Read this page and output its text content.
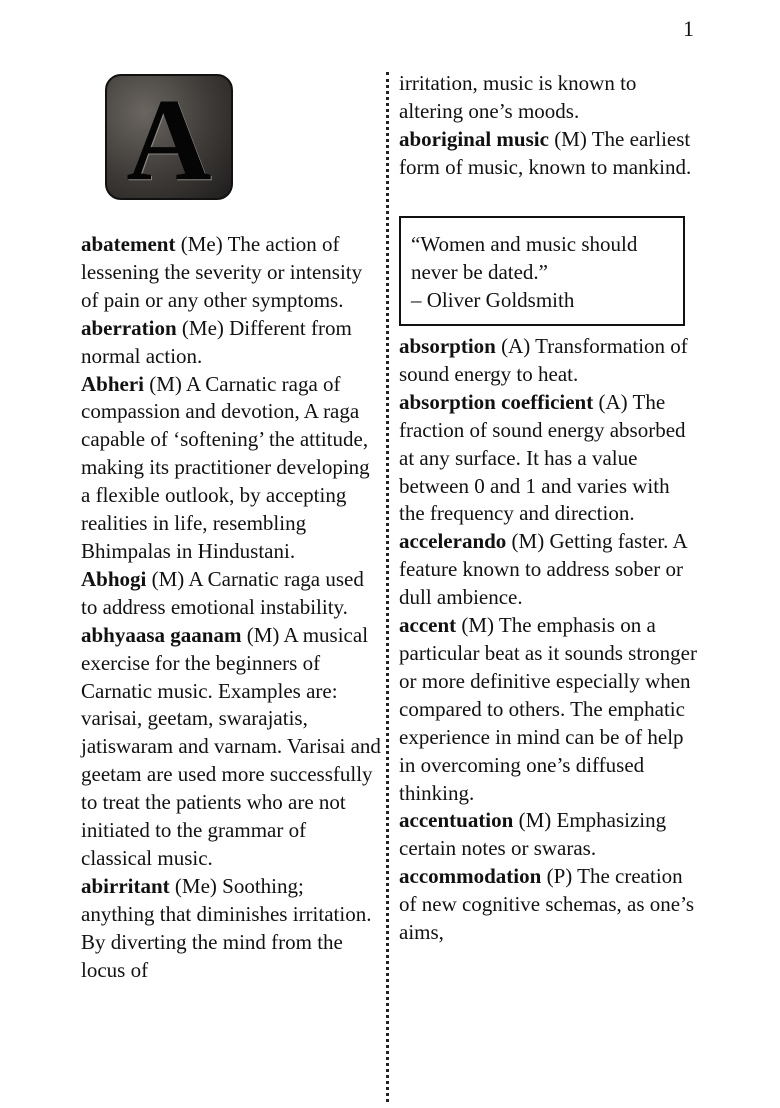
1
A

abatement (Me) The action of lessening the severity or intensity of pain or any other symptoms.

aberration (Me) Different from normal action.

Abheri (M) A Carnatic raga of compassion and devotion, A raga capable of ‘softening’ the attitude, making its practitioner developing a flexible outlook, by accepting realities in life, resembling Bhimpalas in Hindustani.

Abhogi (M) A Carnatic raga used to address emotional instability.

abhyaasa gaanam (M) A musical exercise for the beginners of Carnatic music. Examples are: varisai, geetam, swarajatis, jatiswaram and varnam. Varisai and geetam are used more successfully to treat the patients who are not initiated to the grammar of classical music.

abirritant (Me) Soothing; anything that diminishes irritation. By diverting the mind from the locus of

irritation, music is known to altering one’s moods.

aboriginal music (M) The earliest form of music, known to mankind.

“Women and music should
never be dated.”
– Oliver Goldsmith

absorption (A) Transformation of sound energy to heat.

absorption coefficient (A) The fraction of sound energy absorbed at any surface. It has a value between 0 and 1 and varies with the frequency and direction.

accelerando (M) Getting faster. A feature known to address sober or dull ambience.

accent (M) The emphasis on a particular beat as it sounds stronger or more definitive especially when compared to others. The emphatic experience in mind can be of help in overcoming one’s diffused thinking.

accentuation (M) Emphasizing certain notes or swaras.

accommodation (P) The creation of new cognitive schemas, as one’s aims,
